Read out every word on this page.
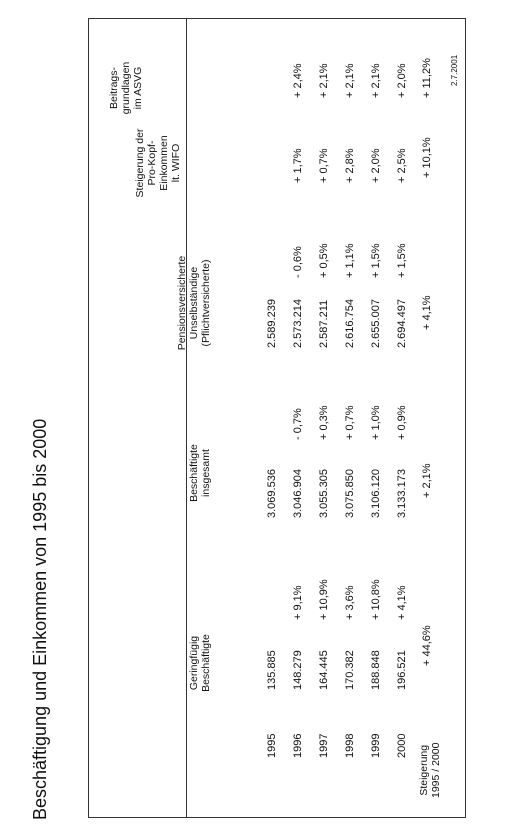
2.7.2001
Beschäftigung und Einkommen von 1995 bis 2000	Geringfügig Beschäftigte
Beschäftigte insgesamt
Pensionsversicherte Unselbständige (Pflichtversicherte)
Steigerung der Pro-Kopf- Einkommen lt. WIFO
Beitrags- grundlagen im ASVG
1995
135.885
3.069.536
2.589.239
1996
148.279
+ 9,1%
3.046.904
- 0,7%
2.573.214
- 0,6%
+ 1,7%
+ 2,4%
1997
164.445
+ 10,9%
3.055.305
+ 0,3%
2.587.211
+ 0,5%
+ 0,7%
+ 2,1%
1998
170.382
+ 3,6%
3.075.850
+ 0,7%
2.616.754
+ 1,1%
+ 2,8%
+ 2,1%
1999
188.848
+ 10,8%
3.106.120
+ 1,0%
2.655.007
+ 1,5%
+ 2,0%
+ 2,1%
2000
196.521
+ 4,1%
3.133.173
+ 0,9%
2.694.497
+ 1,5%
+ 2,5%
+ 2,0%
Steigerung 1995 / 2000
+ 44,6%
+ 2,1%
+ 4,1%
+ 10,1%
+ 11,2%
